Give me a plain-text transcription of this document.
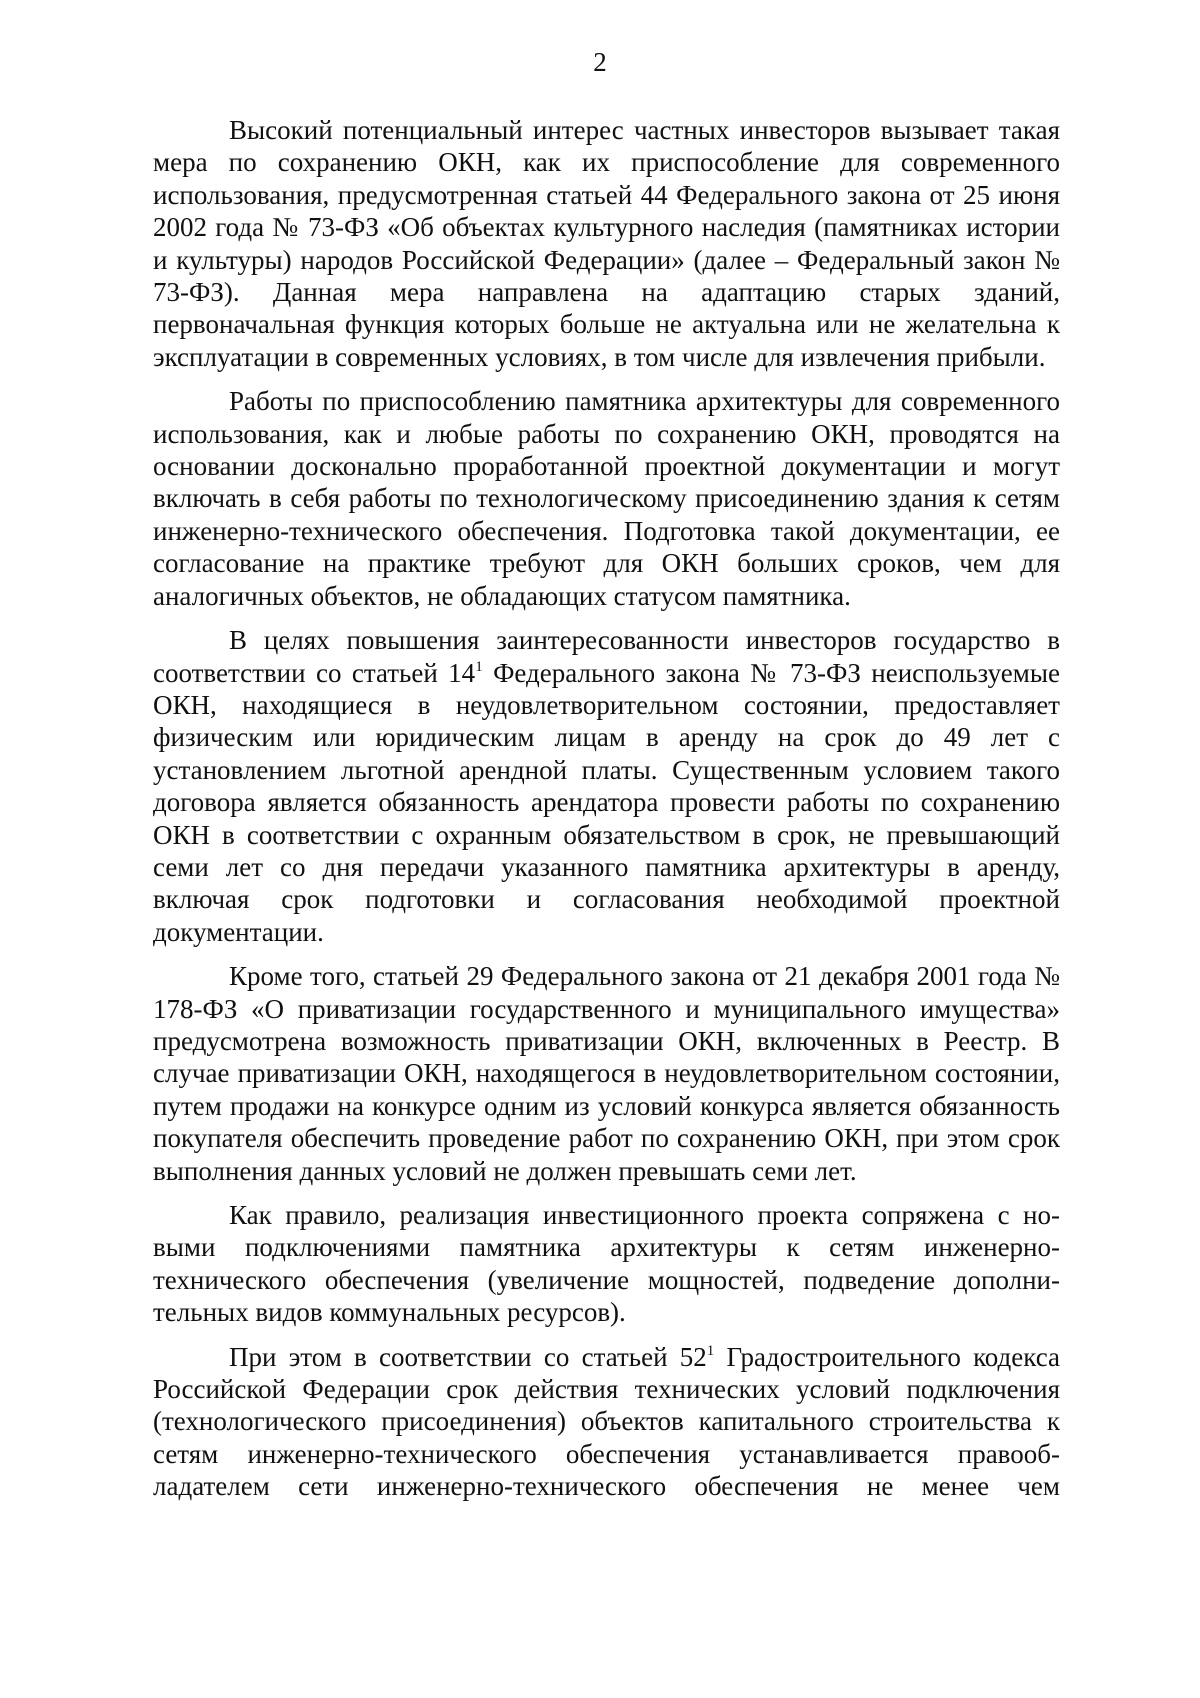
2

Высокий потенциальный интерес частных инвесторов вызывает такая мера по сохранению ОКН, как их приспособление для современного использования, предусмотренная статьей 44 Федерального закона от 25 июня 2002 года № 73-ФЗ «Об объектах культурного наследия (памятниках истории и культуры) народов Российской Федерации» (далее – Федеральный закон № 73-ФЗ). Данная мера направлена на адаптацию старых зданий, первоначальная функция которых больше не актуальна или не желательна к эксплуатации в современных условиях, в том числе для извлечения прибыли.

Работы по приспособлению памятника архитектуры для современного использования, как и любые работы по сохранению ОКН, проводятся на основании досконально проработанной проектной документации и могут включать в себя работы по технологическому присоединению здания к сетям инженерно-технического обеспечения. Подготовка такой документации, ее согласование на практике требуют для ОКН больших сроков, чем для аналогичных объектов, не обладающих статусом памятника.

В целях повышения заинтересованности инвесторов государство в соответствии со статьей $14^1$ Федерального закона № 73-ФЗ неиспользуемые ОКН, находящиеся в неудовлетворительном состоянии, предоставляет физическим или юридическим лицам в аренду на срок до 49 лет с установлением льготной арендной платы. Существенным условием такого договора является обязанность арендатора провести работы по сохранению ОКН в соответствии с охранным обязательством в срок, не превышающий семи лет со дня передачи указанного памятника архитектуры в аренду, включая срок подготовки и согласования необходимой проектной документации.

Кроме того, статьей 29 Федерального закона от 21 декабря 2001 года № 178-ФЗ «О приватизации государственного и муниципального имущества» предусмотрена возможность приватизации ОКН, включенных в Реестр. В случае приватизации ОКН, находящегося в неудовлетворительном состоянии, путем продажи на конкурсе одним из условий конкурса является обязанность покупателя обеспечить проведение работ по сохранению ОКН, при этом срок выполнения данных условий не должен превышать семи лет.

Как правило, реализация инвестиционного проекта сопряжена с новыми подключениями памятника архитектуры к сетям инженерно-технического обеспечения (увеличение мощностей, подведение дополнительных видов коммунальных ресурсов).

При этом в соответствии со статьей $52^1$ Градостроительного кодекса Российской Федерации срок действия технических условий подключения (технологического присоединения) объектов капитального строительства к сетям инженерно-технического обеспечения устанавливается правообладателем сети инженерно-технического обеспечения не менее чем
